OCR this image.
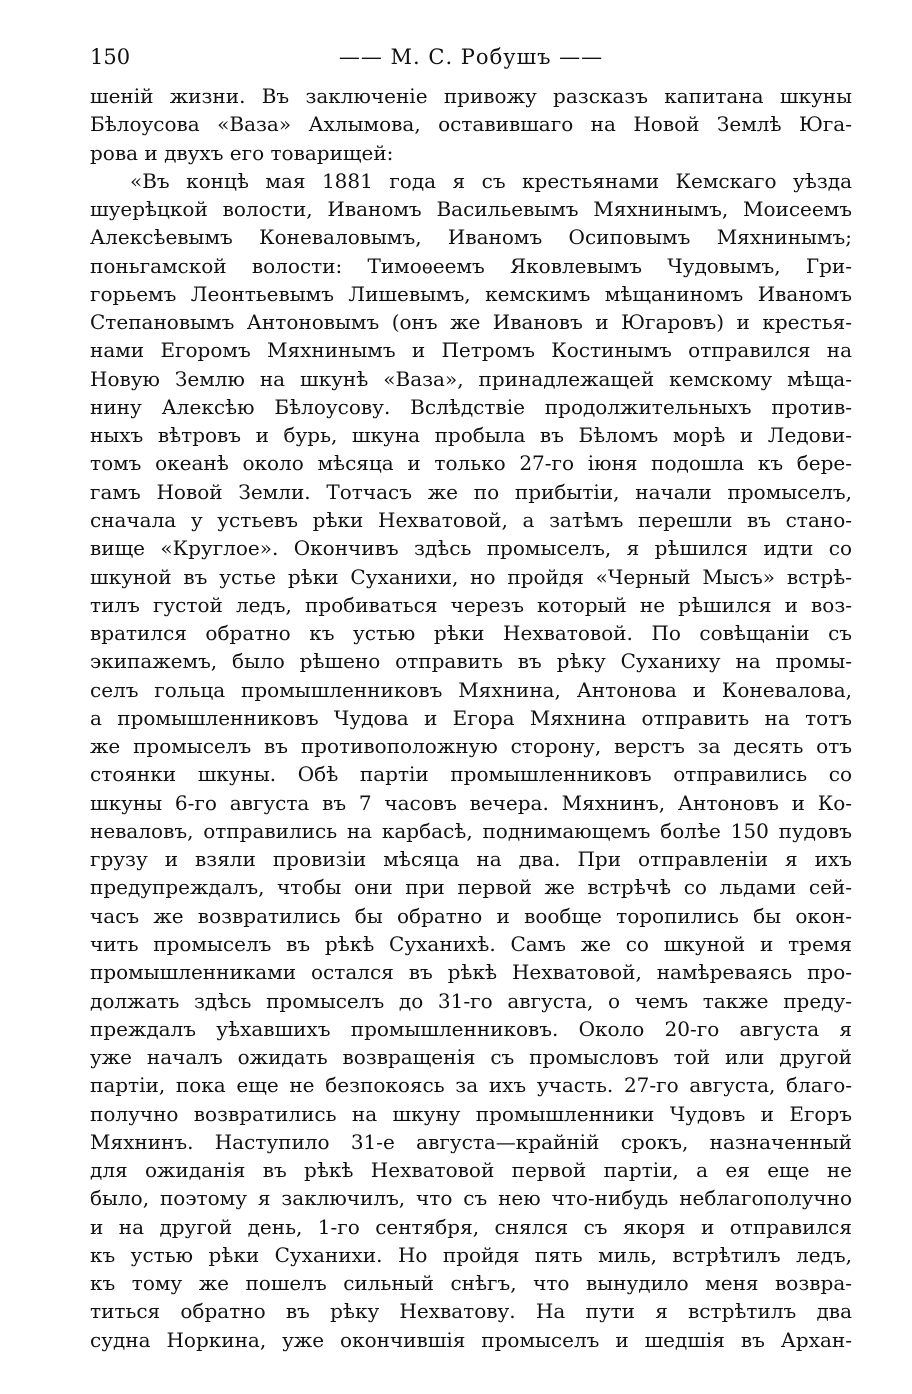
150	—— М. С. Робушъ ——
шенiй жизни. Въ заключенiе привожу разсказъ капитана шкуны
Бѣлоусова «Ваза» Ахлымова, оставившаго на Новой Землѣ Юга-
рова и двухъ его товарищей:
«Въ концѣ мая 1881 года я съ крестьянами Кемскаго уѣзда
шуерѣцкой волости, Иваномъ Васильевымъ Мяхнинымъ, Моисеемъ
Алексѣевымъ Коневаловымъ, Иваномъ Осиповымъ Мяхнинымъ;
поньгамской волости: Тимоѳеемъ Яковлевымъ Чудовымъ, Гри-
горьемъ Леонтьевымъ Лишевымъ, кемскимъ мѣщаниномъ Иваномъ
Степановымъ Антоновымъ (онъ же Ивановъ и Югаровъ) и крестья-
нами Егоромъ Мяхнинымъ и Петромъ Костинымъ отправился на
Новую Землю на шкунѣ «Ваза», принадлежащей кемскому мѣща-
нину Алексѣю Бѣлоусову. Вслѣдствiе продолжительныхъ против-
ныхъ вѣтровъ и бурь, шкуна пробыла въ Бѣломъ морѣ и Ледови-
томъ океанѣ около мѣсяца и только 27-го iюня подошла къ бере-
гамъ Новой Земли. Тотчасъ же по прибытiи, начали промыселъ,
сначала у устьевъ рѣки Нехватовой, а затѣмъ перешли въ стано-
вище «Круглое». Окончивъ здѣсь промыселъ, я рѣшился идти со
шкуной въ устье рѣки Суханихи, но пройдя «Черный Мысъ» встрѣ-
тилъ густой ледъ, пробиваться черезъ который не рѣшился и воз-
вратился обратно къ устью рѣки Нехватовой. По совѣщанiи съ
экипажемъ, было рѣшено отправить въ рѣку Суханиху на промы-
селъ гольца промышленниковъ Мяхнина, Антонова и Коневалова,
а промышленниковъ Чудова и Егора Мяхнина отправить на тотъ
же промыселъ въ противоположную сторону, верстъ за десять отъ
стоянки шкуны. Обѣ партiи промышленниковъ отправились со
шкуны 6-го августа въ 7 часовъ вечера. Мяхнинъ, Антоновъ и Ко-
неваловъ, отправились на карбасѣ, поднимающемъ болѣе 150 пудовъ
грузу и взяли провизiи мѣсяца на два. При отправленiи я ихъ
предупреждалъ, чтобы они при первой же встрѣчѣ со льдами сей-
часъ же возвратились бы обратно и вообще торопились бы окон-
чить промыселъ въ рѣкѣ Суханихѣ. Самъ же со шкуной и тремя
промышленниками остался въ рѣкѣ Нехватовой, намѣреваясь про-
должать здѣсь промыселъ до 31-го августа, о чемъ также преду-
преждалъ уѣхавшихъ промышленниковъ. Около 20-го августа я
уже началъ ожидать возвращенiя съ промысловъ той или другой
партiи, пока еще не безпокоясь за ихъ участь. 27-го августа, благо-
получно возвратились на шкуну промышленники Чудовъ и Егоръ
Мяхнинъ. Наступило 31-е августа—крайнiй срокъ, назначенный
для ожиданiя въ рѣкѣ Нехватовой первой партiи, а ея еще не
было, поэтому я заключилъ, что съ нею что-нибудь неблагополучно
и на другой день, 1-го сентября, снялся съ якоря и отправился
къ устью рѣки Суханихи. Но пройдя пять миль, встрѣтилъ ледъ,
къ тому же пошелъ сильный снѣгъ, что вынудило меня возвра-
титься обратно въ рѣку Нехватову. На пути я встрѣтилъ два
судна Норкина, уже окончившiя промыселъ и шедшiя въ Архан-
